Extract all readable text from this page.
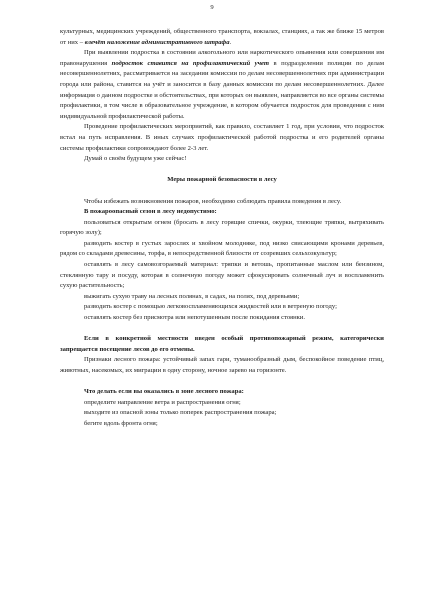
9

культурных, медицинских учреждений, общественного транспорта, вокзалах, станциях, а так же ближе 15 метров от них – влечёт наложение административного штрафа.

При выявлении подростка в состоянии алкогольного или наркотического опьянения или совершения им правонарушения подросток ставится на профилактический учет в подразделении полиции по делам несовершеннолетних, рассматривается на заседании комиссии по делам несовершеннолетних при администрации города или района, ставится на учёт и заносится в базу данных комиссии по делам несовершеннолетних. Далее информация о данном подростке и обстоятельствах, при которых он выявлен, направляется во все органы системы профилактики, в том числе в образовательное учреждение, в котором обучается подросток для проведения с ним индивидуальной профилактической работы.

Проведение профилактических мероприятий, как правило, составляет 1 год, при условии, что подросток встал на путь исправления. В иных случаях профилактической работой подростка и его родителей органы системы профилактики сопровождают более 2-3 лет.

Думай о своём будущем уже сейчас!

Меры пожарной безопасности в лесу

Чтобы избежать возникновения пожаров, необходимо соблюдать правила поведения в лесу.

В пожароопасный сезон в лесу недопустимо:

пользоваться открытым огнем (бросать в лесу горящие спички, окурки, тлеющие тряпки, вытряхивать горячую золу);

разводить костер в густых зарослях и хвойном молодняке, под низко свисающими кронами деревьев, рядом со складами древесины, торфа, в непосредственной близости от созревших сельхозкультур;

оставлять в лесу самовозгораемый материал: тряпки и ветошь, пропитанные маслом или бензином, стеклянную тару и посуду, которая в солнечную погоду может сфокусировать солнечный луч и воспламенить сухую растительность;

выжигать сухую траву на лесных полянах, в садах, на полях, под деревьями;

разводить костер с помощью легковоспламеняющихся жидкостей или в ветреную погоду;

оставлять костер без присмотра или непотушенным после покидания стоянки.

Если в конкретной местности введен особый противопожарный режим, категорически запрещается посещение лесов до его отмены.

Признаки лесного пожара: устойчивый запах гари, туманообразный дым, беспокойное поведение птиц, животных, насекомых, их миграции в одну сторону, ночное зарево на горизонте.

Что делать если вы оказались в зоне лесного пожара:

определите направление ветра и распространения огня;

выходите из опасной зоны только поперек распространения пожара;

бегите вдоль фронта огня;
